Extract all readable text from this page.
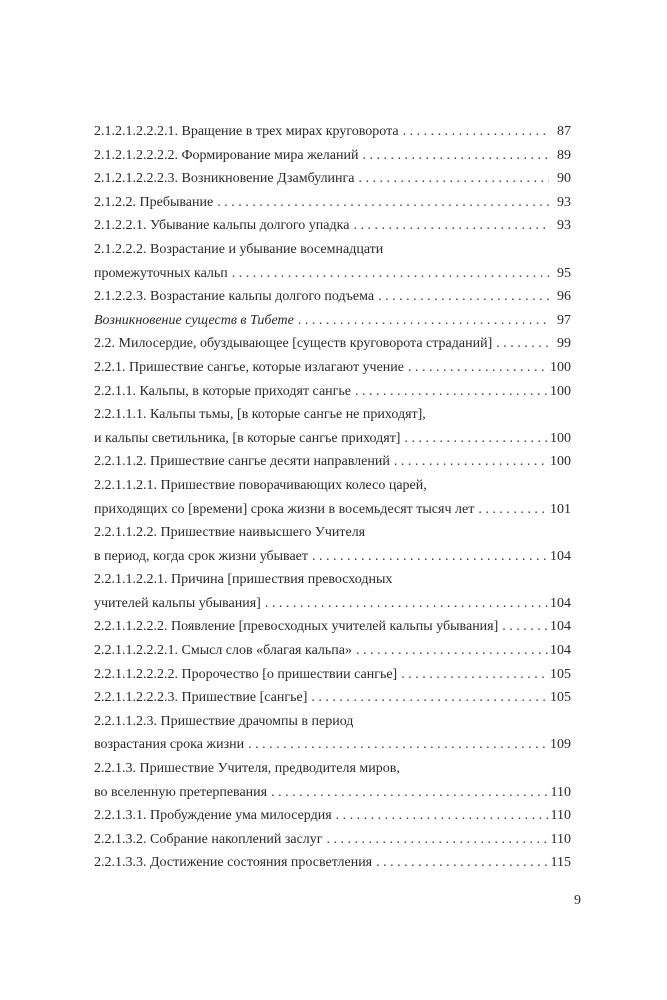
2.1.2.1.2.2.2.1. Вращение в трех мирах круговорота . . .	87
2.1.2.1.2.2.2.2. Формирование мира желаний . . .	89
2.1.2.1.2.2.2.3. Возникновение Дзамбулинга . . .	90
2.1.2.2. Пребывание . . .	93
2.1.2.2.1. Убывание кальпы долгого упадка . . .	93
2.1.2.2.2. Возрастание и убывание восемнадцати
промежуточных кальп . . .	95
2.1.2.2.3. Возрастание кальпы долгого подъема . . .	96
Возникновение существ в Тибете . . .	97
2.2. Милосердие, обуздывающее [существ круговорота страданий] . . .	99
2.2.1. Пришествие сангье, которые излагают учение . . .	100
2.2.1.1. Кальпы, в которые приходят сангье . . .	100
2.2.1.1.1. Кальпы тьмы, [в которые сангье не приходят],
и кальпы светильника, [в которые сангье приходят] . . .	100
2.2.1.1.2. Пришествие сангье десяти направлений . . .	100
2.2.1.1.2.1. Пришествие поворачивающих колесо царей,
приходящих со [времени] срока жизни в восемьдесят тысяч лет . . .	101
2.2.1.1.2.2. Пришествие наивысшего Учителя
в период, когда срок жизни убывает . . .	104
2.2.1.1.2.2.1. Причина [пришествия превосходных
учителей кальпы убывания] . . .	104
2.2.1.1.2.2.2. Появление [превосходных учителей кальпы убывания] . . .	104
2.2.1.1.2.2.2.1. Смысл слов «благая кальпа» . . .	104
2.2.1.1.2.2.2.2. Пророчество [о пришествии сангье] . . .	105
2.2.1.1.2.2.2.3. Пришествие [сангье] . . .	105
2.2.1.1.2.3. Пришествие драчомпы в период
возрастания срока жизни . . .	109
2.2.1.3. Пришествие Учителя, предводителя миров,
во вселенную претерпевания . . .	110
2.2.1.3.1. Пробуждение ума милосердия . . .	110
2.2.1.3.2. Собрание накоплений заслуг . . .	110
2.2.1.3.3. Достижение состояния просветления . . .	115
9
